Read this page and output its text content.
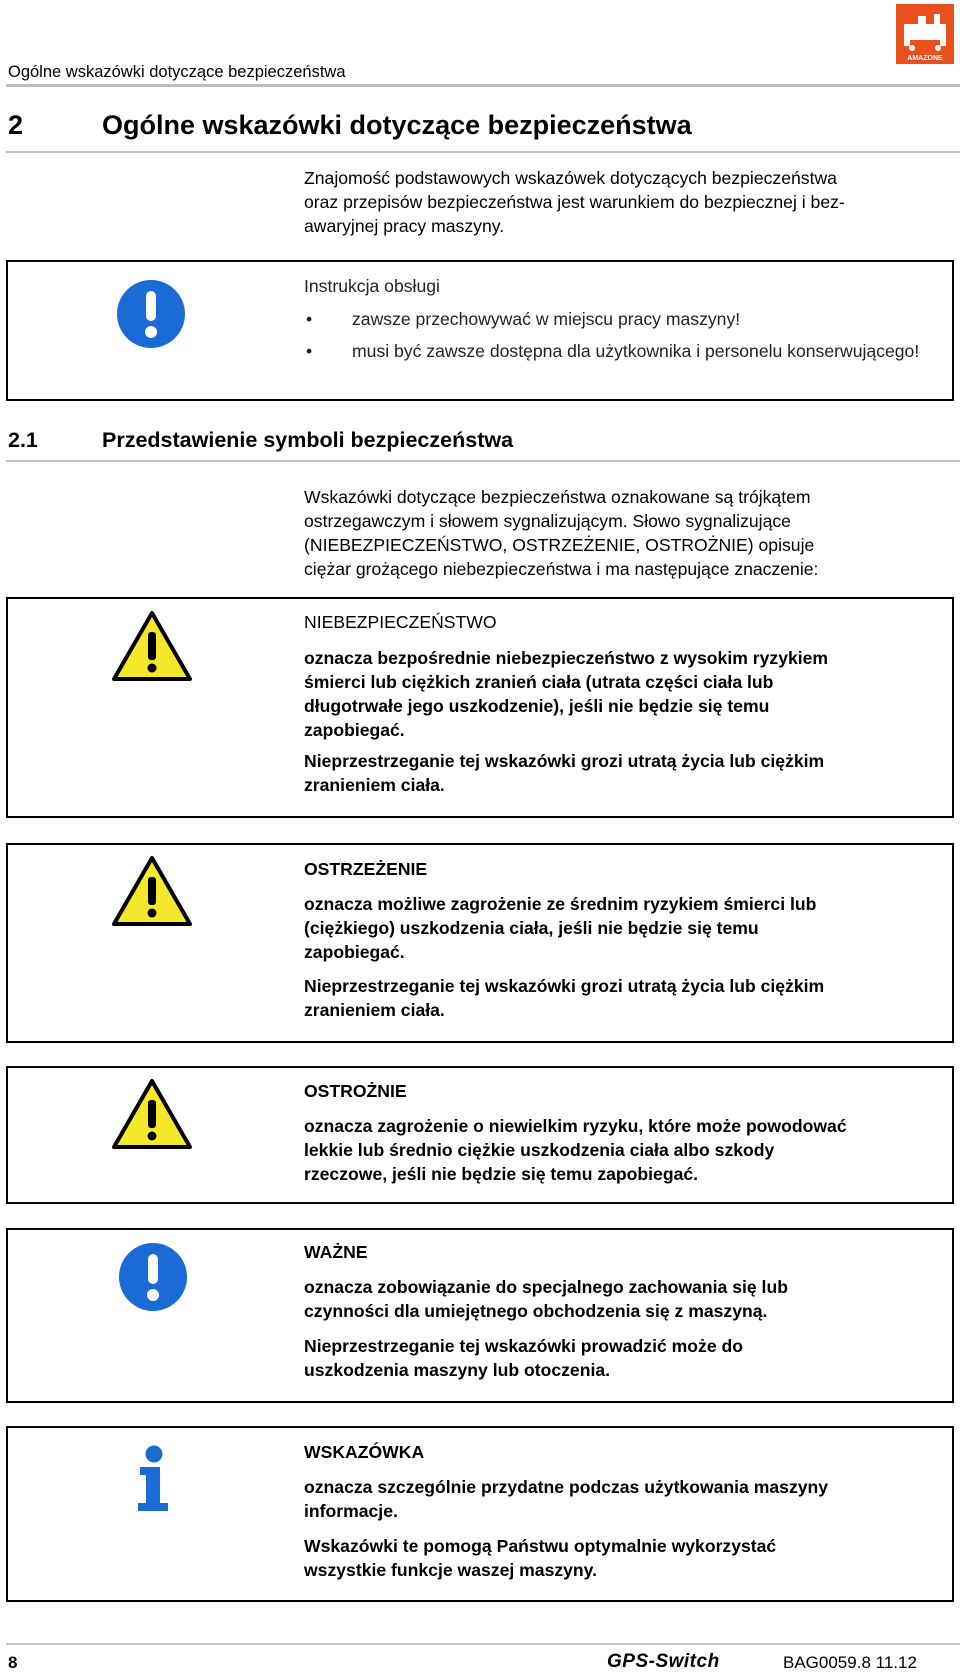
Ogólne wskazówki dotyczące bezpieczeństwa
AMAZONE
2	Ogólne wskazówki dotyczące bezpieczeństwa
Znajomość podstawowych wskazówek dotyczących bezpieczeństwa
oraz przepisów bezpieczeństwa jest warunkiem do bezpiecznej i bez-
awaryjnej pracy maszyny.
Instrukcja obsługi
• zawsze przechowywać w miejscu pracy maszyny!
• musi być zawsze dostępna dla użytkownika i personelu konserwującego!
2.1	Przedstawienie symboli bezpieczeństwa
Wskazówki dotyczące bezpieczeństwa oznakowane są trójkątem
ostrzegawczym i słowem sygnalizującym. Słowo sygnalizujące
(NIEBEZPIECZEŃSTWO, OSTRZEŻENIE, OSTROŻNIE) opisuje
ciężar grożącego niebezpieczeństwa i ma następujące znaczenie:
NIEBEZPIECZEŃSTWO
oznacza bezpośrednie niebezpieczeństwo z wysokim ryzykiem
śmierci lub ciężkich zranień ciała (utrata części ciała lub
długotrwałe jego uszkodzenie), jeśli nie będzie się temu
zapobiegać.
Nieprzestrzeganie tej wskazówki grozi utratą życia lub ciężkim
zranieniem ciała.
OSTRZEŻENIE
oznacza możliwe zagrożenie ze średnim ryzykiem śmierci lub
(ciężkiego) uszkodzenia ciała, jeśli nie będzie się temu
zapobiegać.
Nieprzestrzeganie tej wskazówki grozi utratą życia lub ciężkim
zranieniem ciała.
OSTROŻNIE
oznacza zagrożenie o niewielkim ryzyku, które może powodować
lekkie lub średnio ciężkie uszkodzenia ciała albo szkody
rzeczowe, jeśli nie będzie się temu zapobiegać.
WAŻNE
oznacza zobowiązanie do specjalnego zachowania się lub
czynności dla umiejętnego obchodzenia się z maszyną.
Nieprzestrzeganie tej wskazówki prowadzić może do
uszkodzenia maszyny lub otoczenia.
WSKAZÓWKA
oznacza szczególnie przydatne podczas użytkowania maszyny
informacje.
Wskazówki te pomogą Państwu optymalnie wykorzystać
wszystkie funkcje waszej maszyny.
8	GPS-Switch	BAG0059.8 11.12
